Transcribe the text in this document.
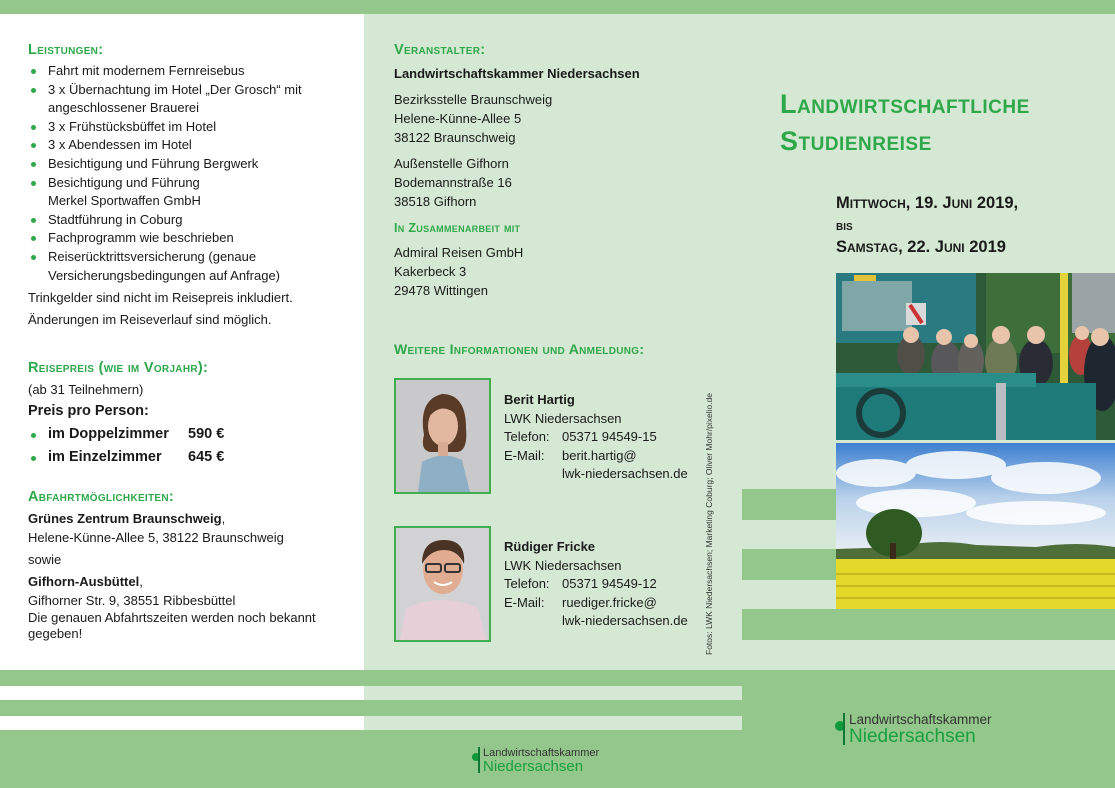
Leistungen:
Fahrt mit modernem Fernreisebus
3 x Übernachtung im Hotel „Der Grosch“ mit angeschlossener Brauerei
3 x Frühstücksbüffet im Hotel
3 x Abendessen im Hotel
Besichtigung und Führung Bergwerk
Besichtigung und Führung Merkel Sportwaffen GmbH
Stadtführung in Coburg
Fachprogramm wie beschrieben
Reiserücktrittsversicherung (genaue Versicherungsbedingungen auf Anfrage)
Trinkgelder sind nicht im Reisepreis inkludiert.
Änderungen im Reiseverlauf sind möglich.
Reisepreis (wie im Vorjahr):
(ab 31 Teilnehmern)
Preis pro Person:
im Doppelzimmer 590 €
im Einzelzimmer 645 €
Abfahrtmöglichkeiten:
Grünes Zentrum Braunschweig,
Helene-Künne-Allee 5, 38122 Braunschweig
sowie
Gifhorn-Ausbüttel,
Gifhorner Str. 9, 38551 Ribbesbüttel
Die genauen Abfahrtszeiten werden noch bekannt gegeben!
Veranstalter:
Landwirtschaftskammer Niedersachsen
Bezirksstelle Braunschweig
Helene-Künne-Allee 5
38122 Braunschweig
Außenstelle Gifhorn
Bodemannstraße 16
38518 Gifhorn
In Zusammenarbeit mit
Admiral Reisen GmbH
Kakerbeck 3
29478 Wittingen
Weitere Informationen und Anmeldung:
Berit Hartig
LWK Niedersachsen
Telefon: 05371 94549-15
E-Mail:	berit.hartig@
lwk-niedersachsen.de
Rüdiger Fricke
LWK Niedersachsen
Telefon: 05371 94549-12
E-Mail:	ruediger.fricke@
lwk-niedersachsen.de Fotos: LWK Niedersachsen; Marketing Coburg; Oliver Mohr/pixelio.de
Landwirtschaftliche
Studienreise
Mittwoch, 19. Juni 2019,
bis
Samstag, 22. Juni 2019
Landwirtschaftskammer
Niedersachsen
Landwirtschaftskammer
Niedersachsen
